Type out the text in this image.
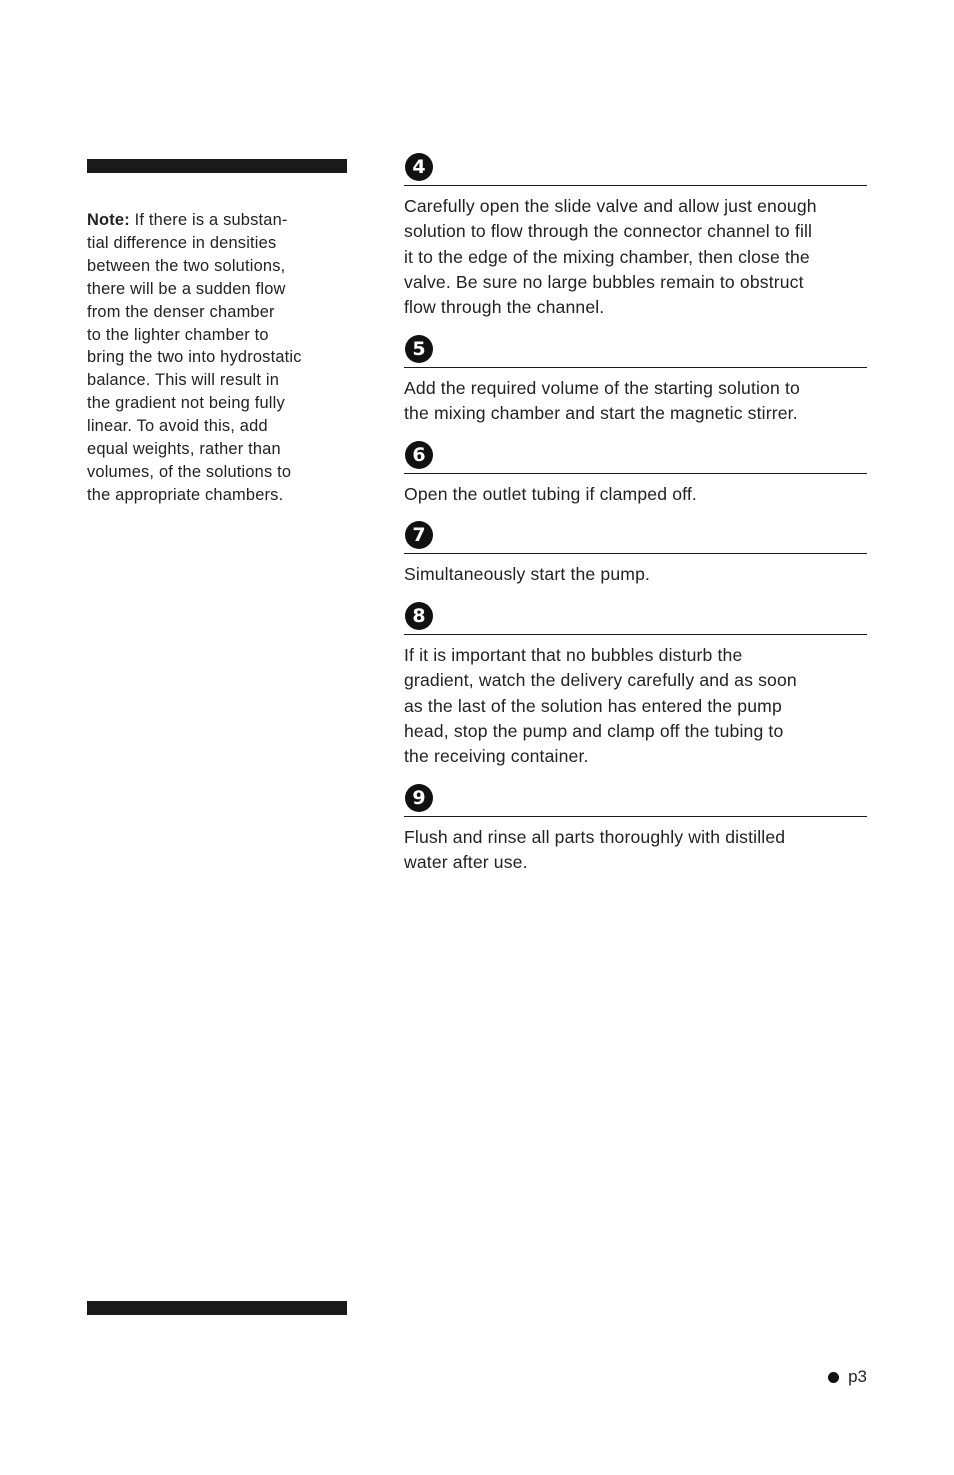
Note: If there is a substan-
tial difference in densities
between the two solutions,
there will be a sudden flow
from the denser chamber
to the lighter chamber to
bring the two into hydrostatic
balance. This will result in
the gradient not being fully
linear. To avoid this, add
equal weights, rather than
volumes, of the solutions to
the appropriate chambers.
4
Carefully open the slide valve and allow just enough
solution to flow through the connector channel to fill
it to the edge of the mixing chamber, then close the
valve. Be sure no large bubbles remain to obstruct
flow through the channel.
5
Add the required volume of the starting solution to
the mixing chamber and start the magnetic stirrer.
6
Open the outlet tubing if clamped off.
7
Simultaneously start the pump.
8
If it is important that no bubbles disturb the
gradient, watch the delivery carefully and as soon
as the last of the solution has entered the pump
head, stop the pump and clamp off the tubing to
the receiving container.
9
Flush and rinse all parts thoroughly with distilled
water after use.
p3
